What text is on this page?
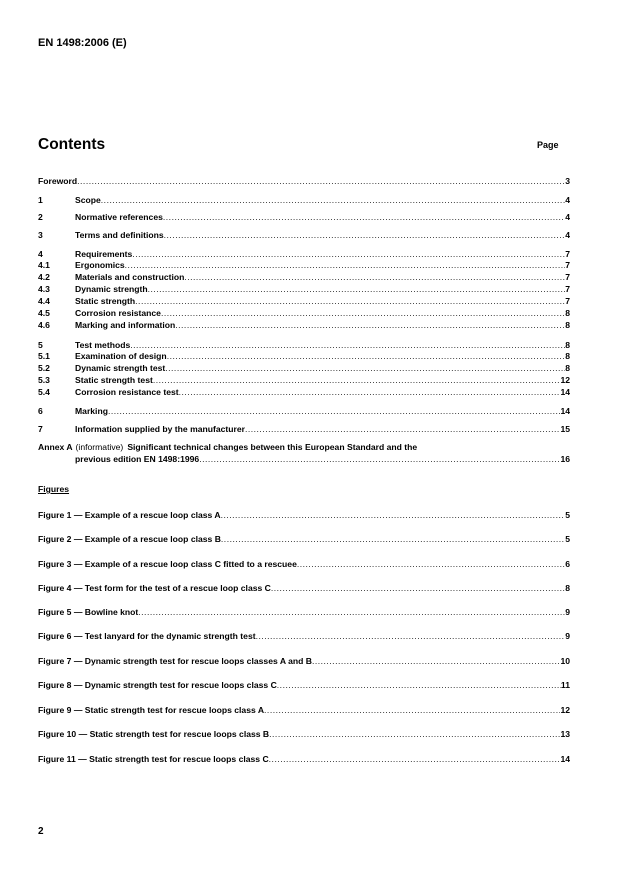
EN 1498:2006 (E)
Contents	Page
Foreword .....	3
1	Scope .....	4
2	Normative references .....	4
3	Terms and definitions .....	4
4	Requirements .....	7
4.1	Ergonomics .....	7
4.2	Materials and construction .....	7
4.3	Dynamic strength .....	7
4.4	Static strength .....	7
4.5	Corrosion resistance .....	8
4.6	Marking and information .....	8
5	Test methods .....	8
5.1	Examination of design .....	8
5.2	Dynamic strength test .....	8
5.3	Static strength test .....	12
5.4	Corrosion resistance test .....	14
6	Marking .....	14
7	Information supplied by the manufacturer .....	15
Annex A (informative) Significant technical changes between this European Standard and the
previous edition EN 1498:1996 .....	16
Figures
Figure 1 — Example of a rescue loop class A .....	5
Figure 2 — Example of a rescue loop class B .....	5
Figure 3 — Example of a rescue loop class C fitted to a rescuee .....	6
Figure 4 — Test form for the test of a rescue loop class C .....	8
Figure 5 — Bowline knot .....	9
Figure 6 — Test lanyard for the dynamic strength test .....	9
Figure 7 — Dynamic strength test for rescue loops classes A and B .....	10
Figure 8 — Dynamic strength test for rescue loops class C .....	11
Figure 9 — Static strength test for rescue loops class A .....	12
Figure 10 — Static strength test for rescue loops class B .....	13
Figure 11 — Static strength test for rescue loops class C .....	14
2
